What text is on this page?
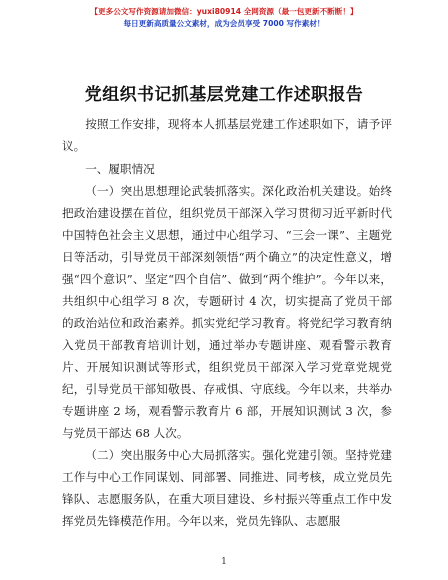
【更多公文写作资源请加微信：yuxi80914 全网资源（最一包更新不断断！】
每日更新高质量公文素材，成为会员享受 7000 写作素材！
党组织书记抓基层党建工作述职报告

按照工作安排，现将本人抓基层党建工作述职如下，请予评议。

一、履职情况

（一）突出思想理论武装抓落实。深化政治机关建设。始终把政治建设摆在首位，组织党员干部深入学习贯彻习近平新时代中国特色社会主义思想，通过中心组学习、“三会一课”、主题党日等活动，引导党员干部深刻领悟“两个确立”的决定性意义，增强“四个意识”、坚定“四个自信”、做到“两个维护”。今年以来，共组织中心组学习 8 次，专题研讨 4 次，切实提高了党员干部的政治站位和政治素养。抓实党纪学习教育。将党纪学习教育纳入党员干部教育培训计划，通过举办专题讲座、观看警示教育片、开展知识测试等形式，组织党员干部深入学习党章党规党纪，引导党员干部知敬畏、存戒惧、守底线。今年以来，共举办专题讲座 2 场，观看警示教育片 6 部，开展知识测试 3 次，参与党员干部达 68 人次。

（二）突出服务中心大局抓落实。强化党建引领。坚持党建工作与中心工作同谋划、同部署、同推进、同考核，成立党员先锋队、志愿服务队，在重大项目建设、乡村振兴等重点工作中发挥党员先锋模范作用。今年以来，党员先锋队、志愿服

1
